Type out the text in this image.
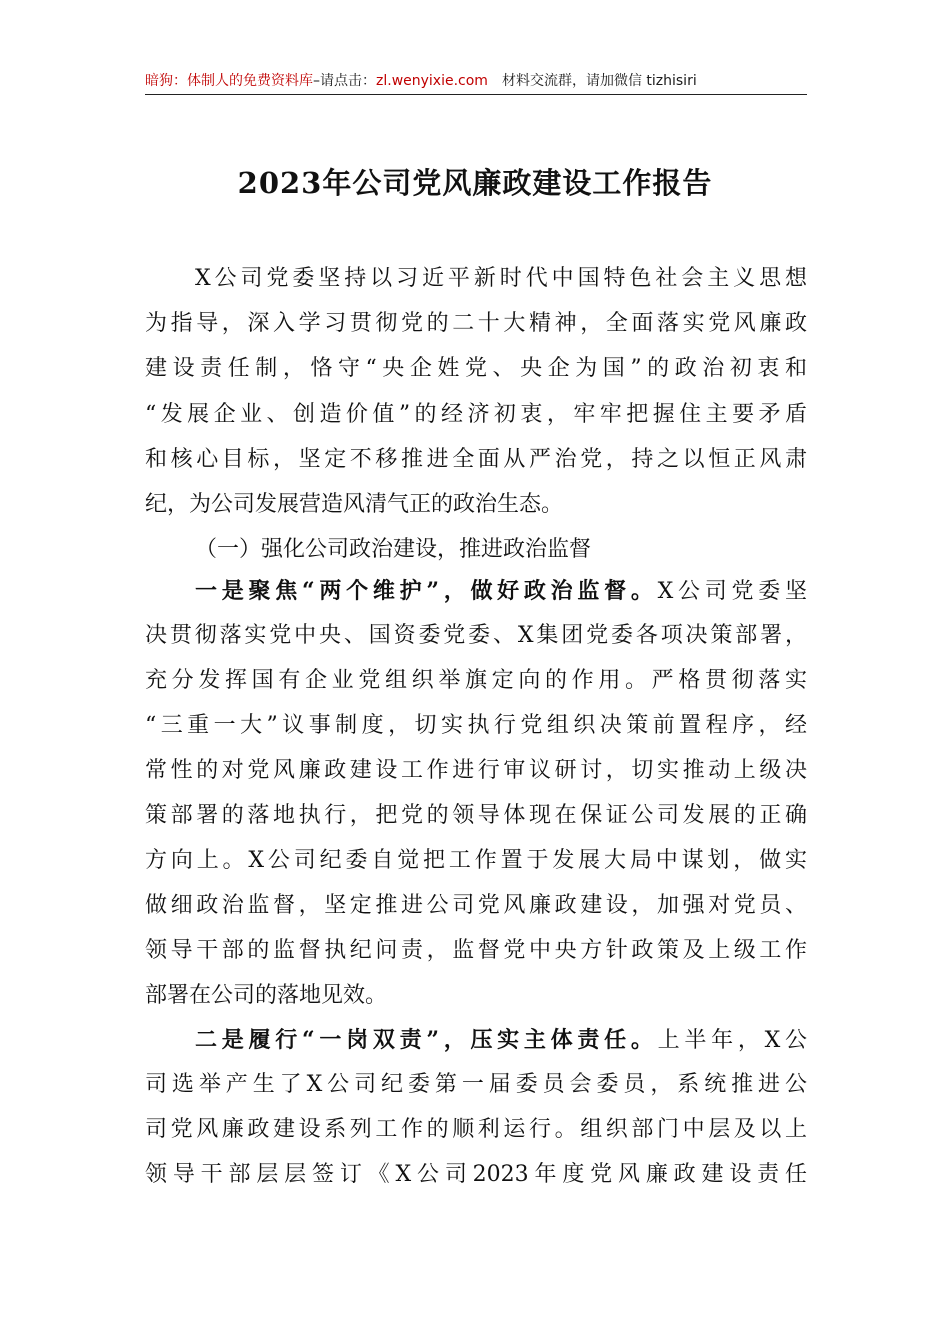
暗狗：体制人的免费资料库–请点击：zl.wenyixie.com 材料交流群，请加微信 tizhisiri
2023年公司党风廉政建设工作报告
X公司党委坚持以习近平新时代中国特色社会主义思想
为指导，深入学习贯彻党的二十大精神，全面落实党风廉政
建设责任制，恪守“央企姓党、央企为国”的政治初衷和
“发展企业、创造价值”的经济初衷，牢牢把握住主要矛盾
和核心目标，坚定不移推进全面从严治党，持之以恒正风肃
纪，为公司发展营造风清气正的政治生态。
（一）强化公司政治建设，推进政治监督
一是聚焦“两个维护”，做好政治监督。X公司党委坚
决贯彻落实党中央、国资委党委、X集团党委各项决策部署，
充分发挥国有企业党组织举旗定向的作用。严格贯彻落实
“三重一大”议事制度，切实执行党组织决策前置程序，经
常性的对党风廉政建设工作进行审议研讨，切实推动上级决
策部署的落地执行，把党的领导体现在保证公司发展的正确
方向上。X公司纪委自觉把工作置于发展大局中谋划，做实
做细政治监督，坚定推进公司党风廉政建设，加强对党员、
领导干部的监督执纪问责，监督党中央方针政策及上级工作
部署在公司的落地见效。
二是履行“一岗双责”，压实主体责任。上半年，X公
司选举产生了X公司纪委第一届委员会委员，系统推进公
司党风廉政建设系列工作的顺利运行。组织部门中层及以上
领导干部层层签订《X公司2023年度党风廉政建设责任
